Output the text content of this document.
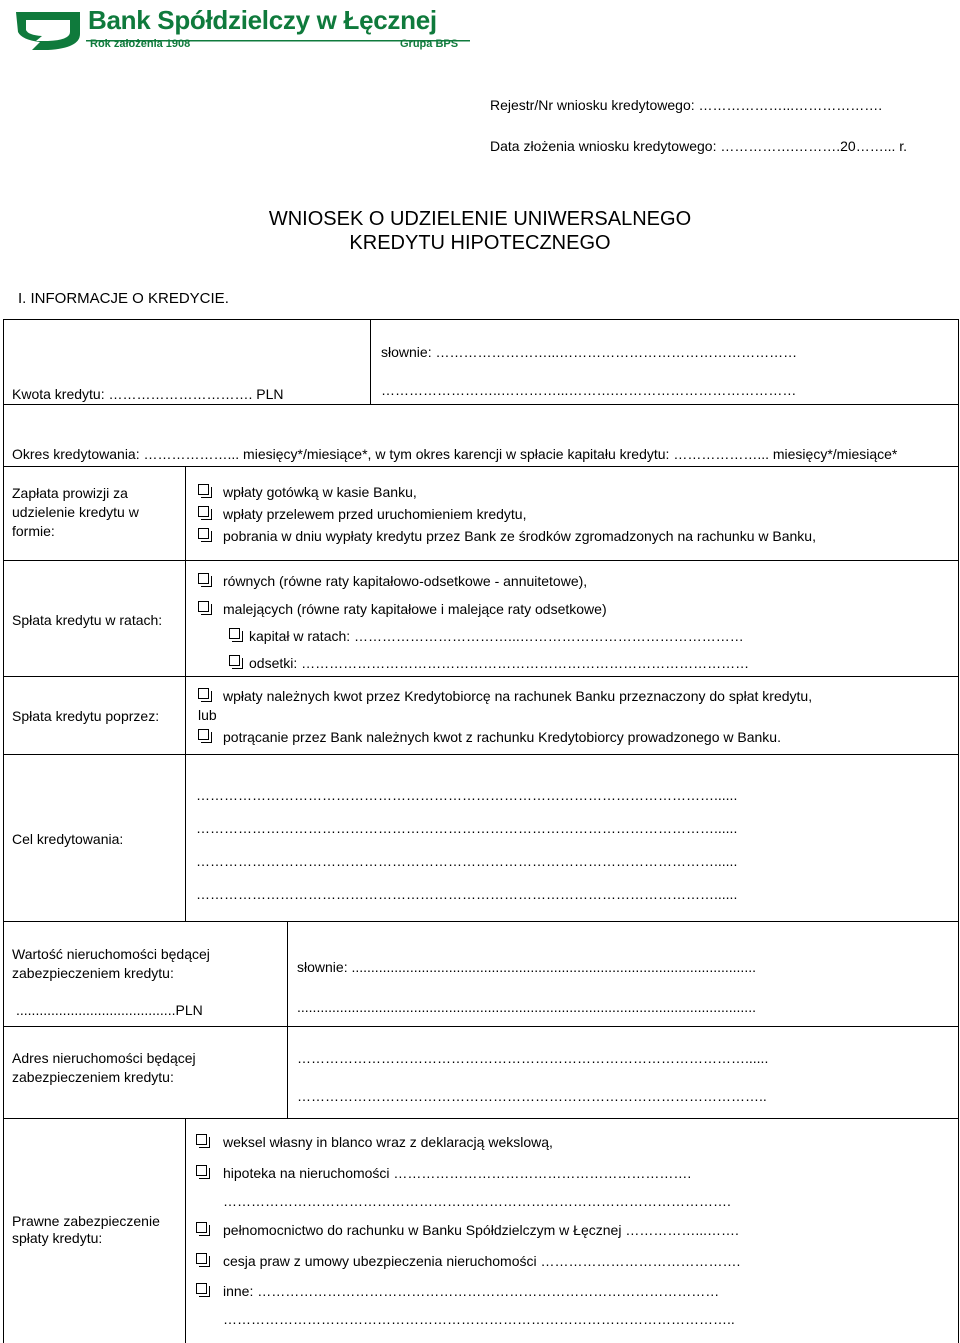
Bank Spółdzielczy w Łęcznej
Rok założenia 1908	Grupa BPS
Rejestr/Nr wniosku kredytowego: ………………...……………….
Data złożenia wniosku kredytowego: …………….……….20……... r.
WNIOSEK O UDZIELENIE UNIWERSALNEGO
KREDYTU HIPOTECZNEGO
I. INFORMACJE O KREDYCIE.
Kwota kredytu: …………………………. PLN
słownie: ……………………...……………………………………………
……………………..…………...……….…………………………………
Okres kredytowania: ………………... miesięcy*/miesiące*, w tym okres karencji w spłacie kapitału kredytu: ………………... miesięcy*/miesiące*
Zapłata prowizji za udzielenie kredytu w formie:
wpłaty gotówką w kasie Banku,
wpłaty przelewem przed uruchomieniem kredytu,
pobrania w dniu wypłaty kredytu przez Bank ze środków zgromadzonych na rachunku w Banku,
Spłata kredytu w ratach:
równych (równe raty kapitałowo-odsetkowe - annuitetowe),
malejących (równe raty kapitałowe i malejące raty odsetkowe)
kapitał w ratach: ……………………………...…………………………………………
odsetki: ……………………………………………………………………………………
Spłata kredytu poprzez:
wpłaty należnych kwot przez Kredytobiorcę na rachunek Banku przeznaczony do spłat kredytu,
lub
potrącanie przez Bank należnych kwot z rachunku Kredytobiorcy prowadzonego w Banku.
Cel kredytowania:
…………………………………………………………………………………………………......
…………………………………………………………………………………………………......
…………………………………………………………………………………………………......
…………………………………………………………………………………………………......
Wartość nieruchomości będącej zabezpieczeniem kredytu:
.........................................PLN
słownie: ........................................................................................................
......................................................................................................................
Adres nieruchomości będącej zabezpieczeniem kredytu:
……………………………………………………………………………………......
………………………………………………………………………………………..
Prawne zabezpieczenie spłaty kredytu:
weksel własny in blanco wraz z deklaracją wekslową,
hipoteka na nieruchomości ……………………………………………………….
……………………………………………………………………………………………….
pełnomocnictwo do rachunku w Banku Spółdzielczym w Łęcznej ……………...…….
cesja praw z umowy ubezpieczenia nieruchomości …………………………………….
inne: ………………………………………………………………………………………
………………………………………………………………………………………………..
